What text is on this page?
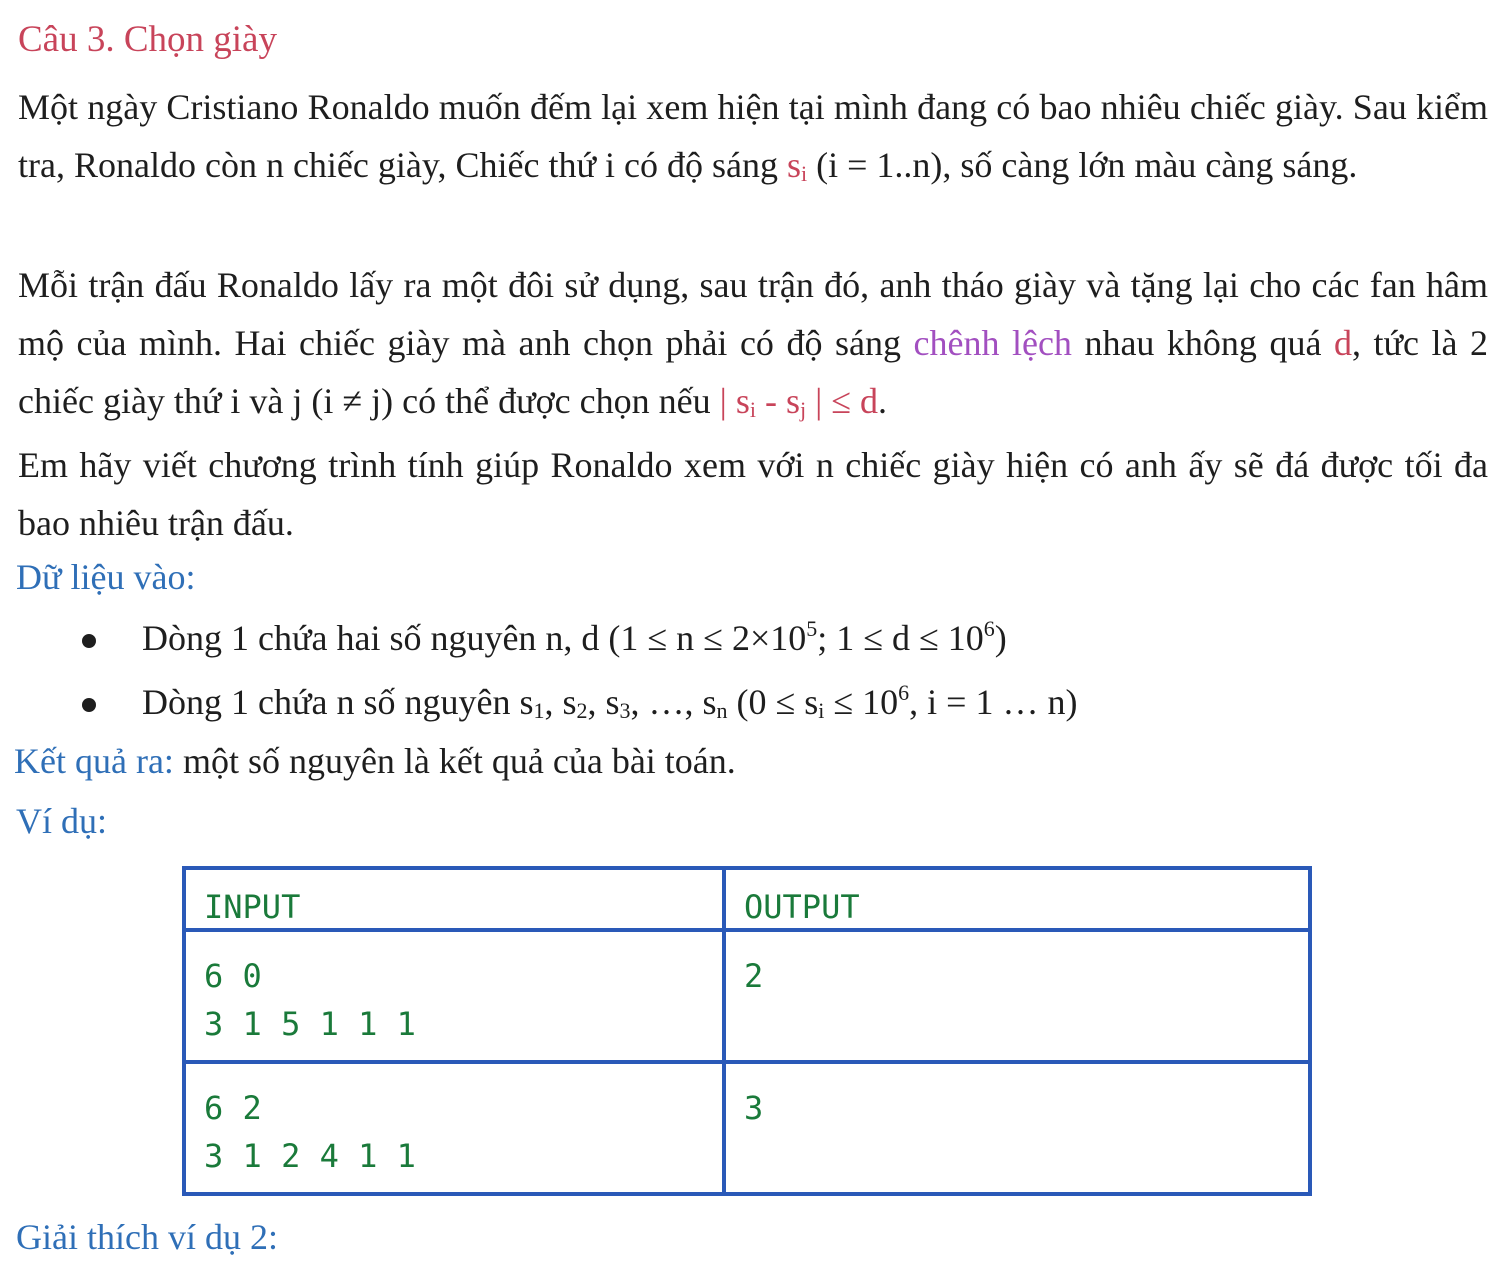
Câu 3. Chọn giày
Một ngày Cristiano Ronaldo muốn đếm lại xem hiện tại mình đang có bao nhiêu chiếc giày. Sau kiểm tra, Ronaldo còn n chiếc giày, Chiếc thứ i có độ sáng $s_i$ (i = 1..n), số càng lớn màu càng sáng.
Mỗi trận đấu Ronaldo lấy ra một đôi sử dụng, sau trận đó, anh tháo giày và tặng lại cho các fan hâm mộ của mình. Hai chiếc giày mà anh chọn phải có độ sáng chênh lệch nhau không quá d, tức là 2 chiếc giày thứ i và j (i ≠ j) có thể được chọn nếu | $s_i - s_j$ | ≤ d.
Em hãy viết chương trình tính giúp Ronaldo xem với n chiếc giày hiện có anh ấy sẽ đá được tối đa bao nhiêu trận đấu.
Dữ liệu vào:
Dòng 1 chứa hai số nguyên n, d ($1 \le n \le 2\times 10^5$; $1 \le d \le 10^6$)
Dòng 1 chứa n số nguyên $s_1$, $s_2$, $s_3$, …, $s_n$ ($0 \le s_i \le 10^6$, i = 1 … n)
Kết quả ra: một số nguyên là kết quả của bài toán.
Ví dụ:
INPUT	OUTPUT

6 0
3 1 5 1 1 1	2

6 2
3 1 2 4 1 1	3
Giải thích ví dụ 2:
